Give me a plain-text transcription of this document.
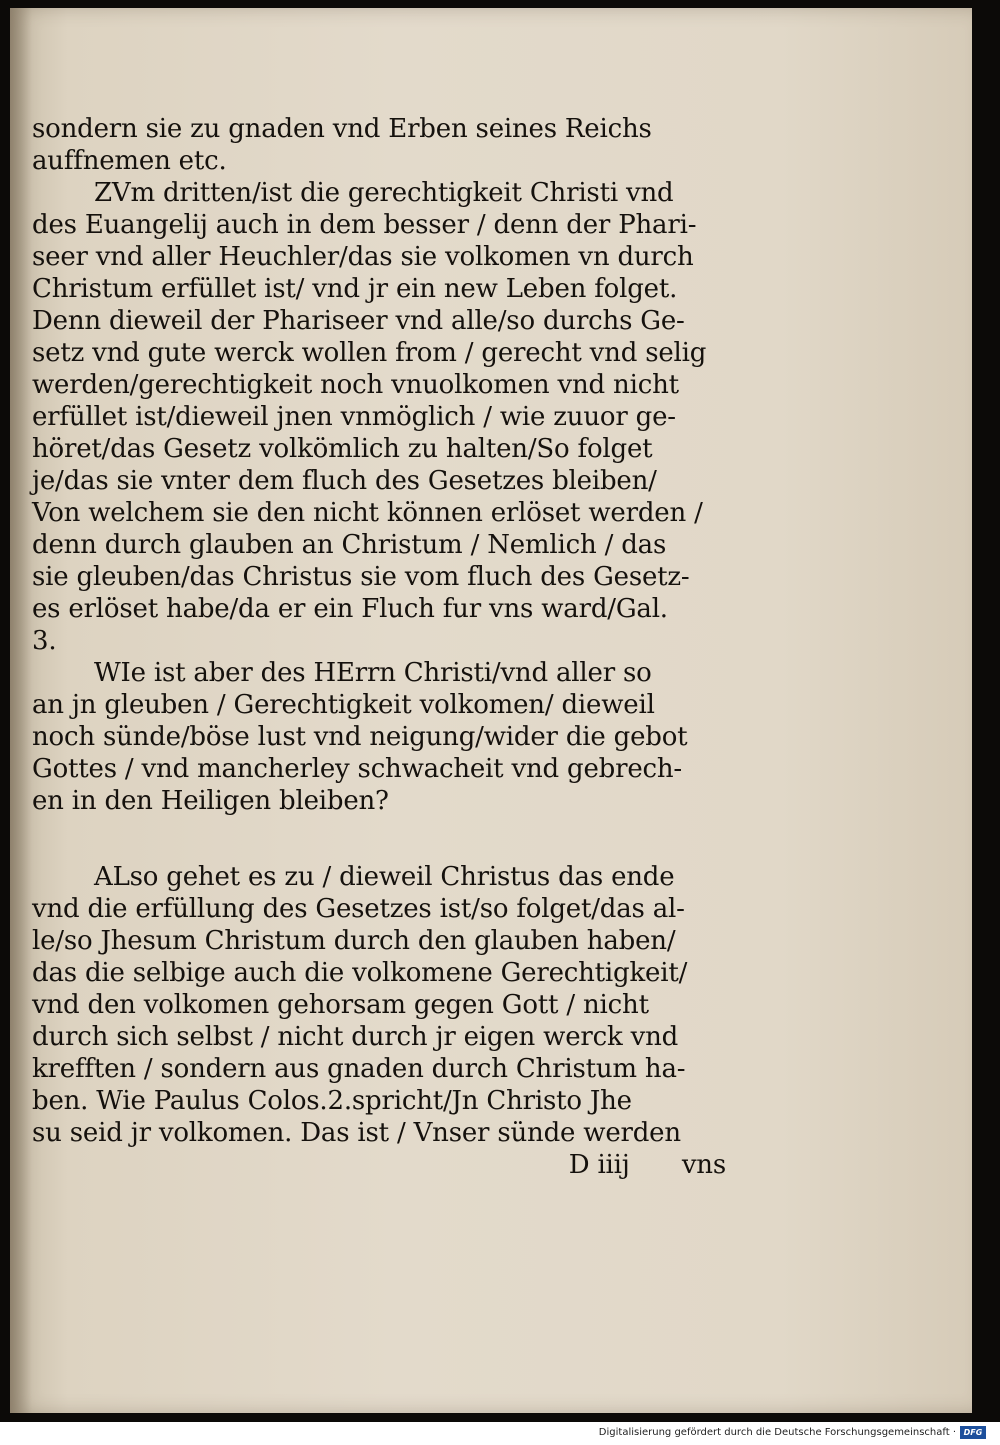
sondern sie zu gnaden vnd Erben seines Reichs
auffnemen etc.
ZVm dritten/ist die gerechtigkeit Christi vnd
des Euangelij auch in dem besser / denn der Phari-
seer vnd aller Heuchler/das sie volkomen vn durch
Christum erfüllet ist/ vnd jr ein new Leben folget.
Denn dieweil der Phariseer vnd alle/so durchs Ge-
setz vnd gute werck wollen from / gerecht vnd selig
werden/gerechtigkeit noch vnuolkomen vnd nicht
erfüllet ist/dieweil jnen vnmöglich / wie zuuor ge-
höret/das Gesetz volkömlich zu halten/So folget
je/das sie vnter dem fluch des Gesetzes bleiben/
Von welchem sie den nicht können erlöset werden /
denn durch glauben an Christum / Nemlich / das
sie gleuben/das Christus sie vom fluch des Gesetz-
es erlöset habe/da er ein Fluch fur vns ward/Gal.
3.
WIe ist aber des HErrn Christi/vnd aller so
an jn gleuben / Gerechtigkeit volkomen/ dieweil
noch sünde/böse lust vnd neigung/wider die gebot
Gottes / vnd mancherley schwacheit vnd gebrech-
en in den Heiligen bleiben?
ALso gehet es zu / dieweil Christus das ende
vnd die erfüllung des Gesetzes ist/so folget/das al-
le/so Jhesum Christum durch den glauben haben/
das die selbige auch die volkomene Gerechtigkeit/
vnd den volkomen gehorsam gegen Gott / nicht
durch sich selbst / nicht durch jr eigen werck vnd
krefften / sondern aus gnaden durch Christum ha-
ben. Wie Paulus Colos.2.spricht/Jn Christo Jhe
su seid jr volkomen. Das ist / Vnser sünde werden
D iiij vns
Digitalisierung gefördert durch die Deutsche Forschungsgemeinschaft · DFG
